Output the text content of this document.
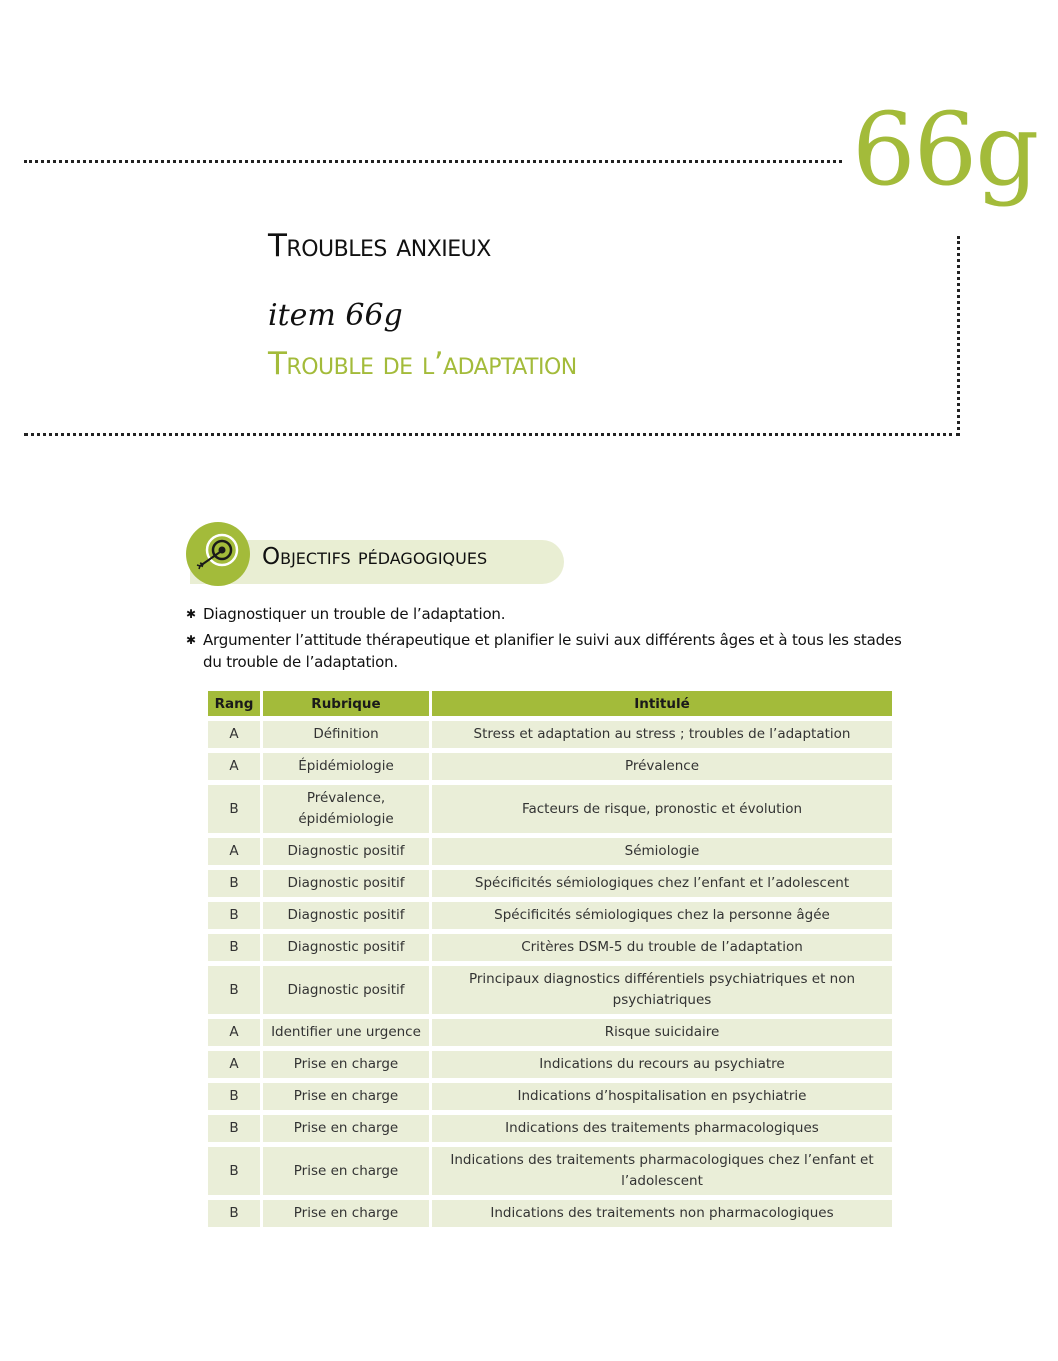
66g
Troubles anxieux
item 66g
Trouble de l’adaptation
Objectifs pédagogiques
✱ Diagnostiquer un trouble de l’adaptation.
✱ Argumenter l’attitude thérapeutique et planifier le suivi aux différents âges et à tous les stades du trouble de l’adaptation.
Rang	Rubrique	Intitulé
A	Définition	Stress et adaptation au stress ; troubles de l’adaptation
A	Épidémiologie	Prévalence
B	Prévalence, épidémiologie	Facteurs de risque, pronostic et évolution
A	Diagnostic positif	Sémiologie
B	Diagnostic positif	Spécificités sémiologiques chez l’enfant et l’adolescent
B	Diagnostic positif	Spécificités sémiologiques chez la personne âgée
B	Diagnostic positif	Critères DSM-5 du trouble de l’adaptation
B	Diagnostic positif	Principaux diagnostics différentiels psychiatriques et non psychiatriques
A	Identifier une urgence	Risque suicidaire
A	Prise en charge	Indications du recours au psychiatre
B	Prise en charge	Indications d’hospitalisation en psychiatrie
B	Prise en charge	Indications des traitements pharmacologiques
B	Prise en charge	Indications des traitements pharmacologiques chez l’enfant et l’adolescent
B	Prise en charge	Indications des traitements non pharmacologiques
